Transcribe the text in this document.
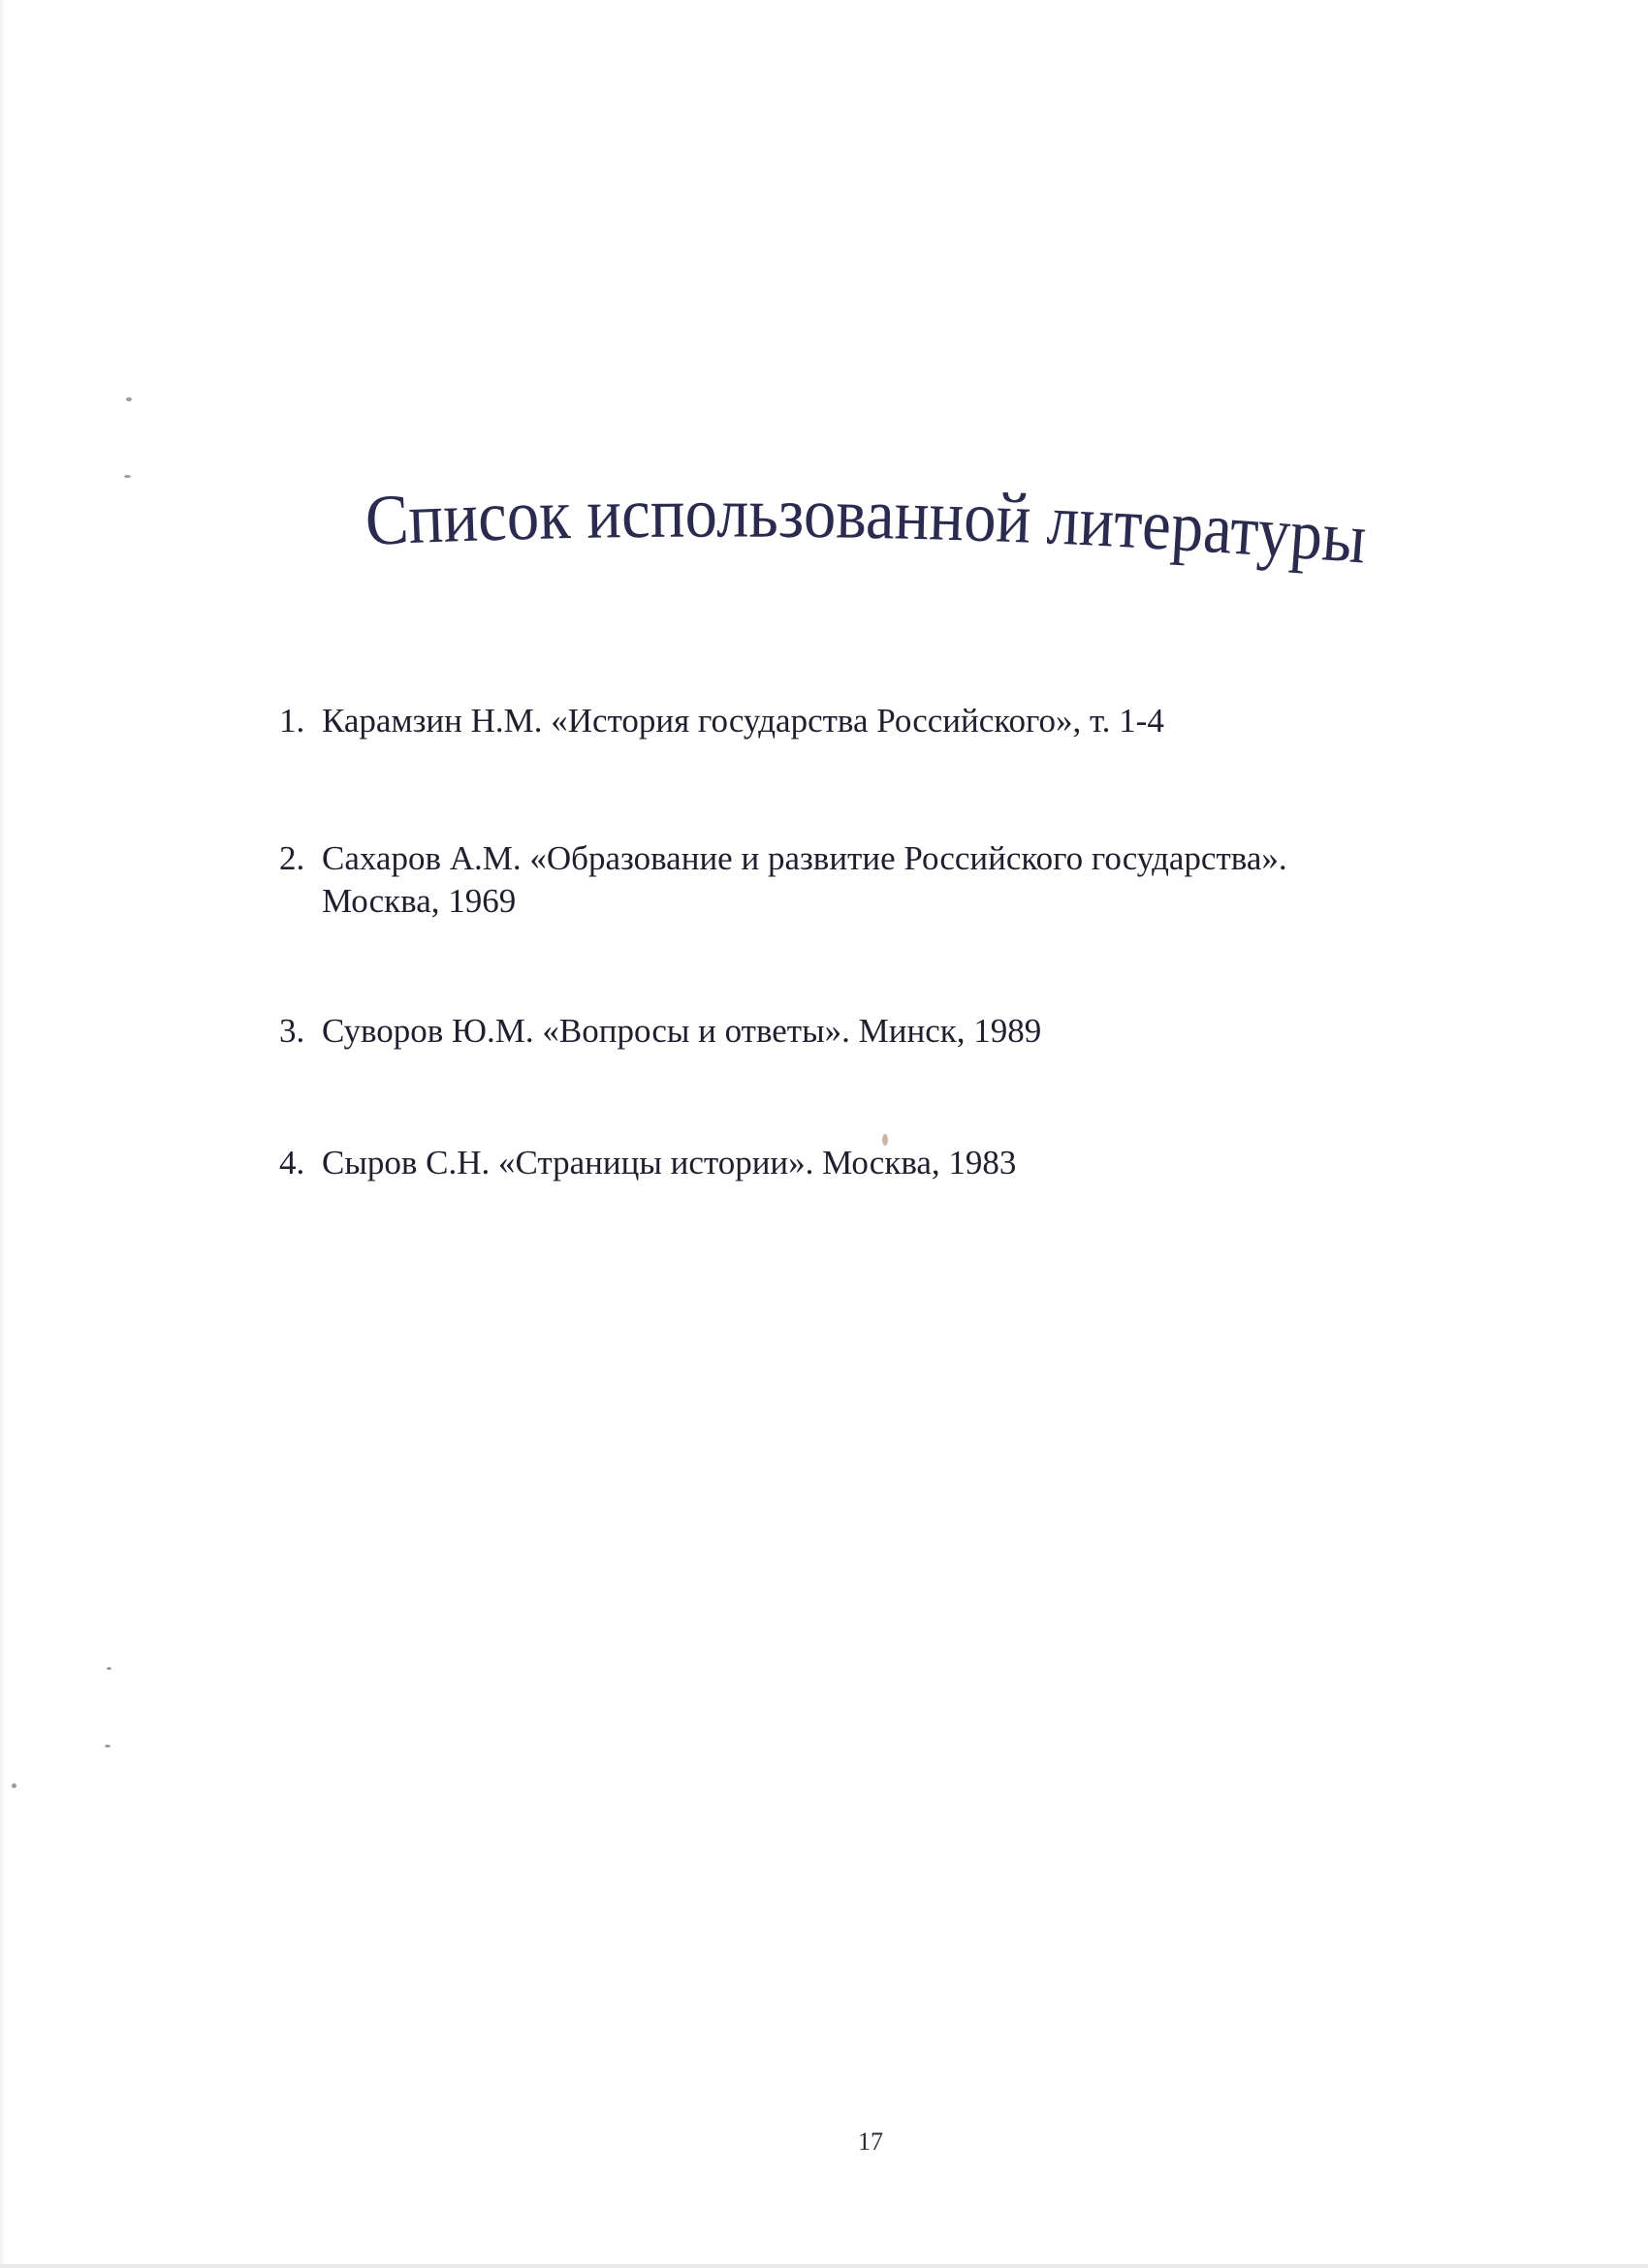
Список использованной литературы
1. Карамзин Н.М. «История государства Российского», т. 1-4
2. Сахаров А.М. «Образование и развитие Российского государства». Москва, 1969
3. Суворов Ю.М. «Вопросы и ответы». Минск, 1989
4. Сыров С.Н. «Страницы истории». Москва, 1983
17
